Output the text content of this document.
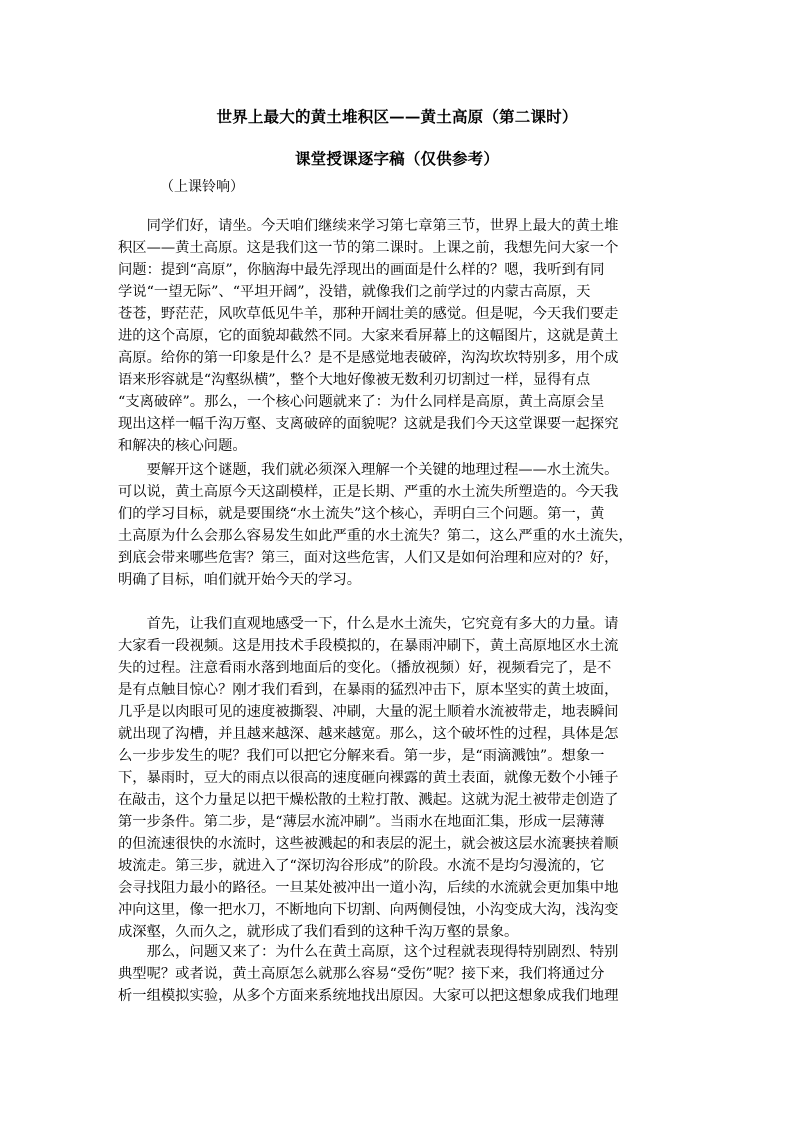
世界上最大的黄土堆积区——黄土高原（第二课时）
课堂授课逐字稿（仅供参考）
（上课铃响）
　　同学们好，请坐。今天咱们继续来学习第七章第三节，世界上最大的黄土堆
积区——黄土高原。这是我们这一节的第二课时。上课之前，我想先问大家一个
问题：提到“高原”，你脑海中最先浮现出的画面是什么样的？嗯，我听到有同
学说“一望无际”、“平坦开阔”，没错，就像我们之前学过的内蒙古高原，天
苍苍，野茫茫，风吹草低见牛羊，那种开阔壮美的感觉。但是呢，今天我们要走
进的这个高原，它的面貌却截然不同。大家来看屏幕上的这幅图片，这就是黄土
高原。给你的第一印象是什么？是不是感觉地表破碎，沟沟坎坎特别多，用个成
语来形容就是“沟壑纵横”，整个大地好像被无数利刃切割过一样，显得有点
“支离破碎”。那么，一个核心问题就来了：为什么同样是高原，黄土高原会呈
现出这样一幅千沟万壑、支离破碎的面貌呢？这就是我们今天这堂课要一起探究
和解决的核心问题。
　　要解开这个谜题，我们就必须深入理解一个关键的地理过程——水土流失。
可以说，黄土高原今天这副模样，正是长期、严重的水土流失所塑造的。今天我
们的学习目标，就是要围绕“水土流失”这个核心，弄明白三个问题。第一，黄
土高原为什么会那么容易发生如此严重的水土流失？第二，这么严重的水土流失，
到底会带来哪些危害？第三，面对这些危害，人们又是如何治理和应对的？好，
明确了目标，咱们就开始今天的学习。
　　首先，让我们直观地感受一下，什么是水土流失，它究竟有多大的力量。请
大家看一段视频。这是用技术手段模拟的，在暴雨冲刷下，黄土高原地区水土流
失的过程。注意看雨水落到地面后的变化。（播放视频）好，视频看完了，是不
是有点触目惊心？刚才我们看到，在暴雨的猛烈冲击下，原本坚实的黄土坡面，
几乎是以肉眼可见的速度被撕裂、冲刷，大量的泥土顺着水流被带走，地表瞬间
就出现了沟槽，并且越来越深、越来越宽。那么，这个破坏性的过程，具体是怎
么一步步发生的呢？我们可以把它分解来看。第一步，是“雨滴溅蚀”。想象一
下，暴雨时，豆大的雨点以很高的速度砸向裸露的黄土表面，就像无数个小锤子
在敲击，这个力量足以把干燥松散的土粒打散、溅起。这就为泥土被带走创造了
第一步条件。第二步，是“薄层水流冲刷”。当雨水在地面汇集，形成一层薄薄
的但流速很快的水流时，这些被溅起的和表层的泥土，就会被这层水流裹挟着顺
坡流走。第三步，就进入了“深切沟谷形成”的阶段。水流不是均匀漫流的，它
会寻找阻力最小的路径。一旦某处被冲出一道小沟，后续的水流就会更加集中地
冲向这里，像一把水刀，不断地向下切割、向两侧侵蚀，小沟变成大沟，浅沟变
成深壑，久而久之，就形成了我们看到的这种千沟万壑的景象。
　　那么，问题又来了：为什么在黄土高原，这个过程就表现得特别剧烈、特别
典型呢？或者说，黄土高原怎么就那么容易“受伤”呢？接下来，我们将通过分
析一组模拟实验，从多个方面来系统地找出原因。大家可以把这想象成我们地理
